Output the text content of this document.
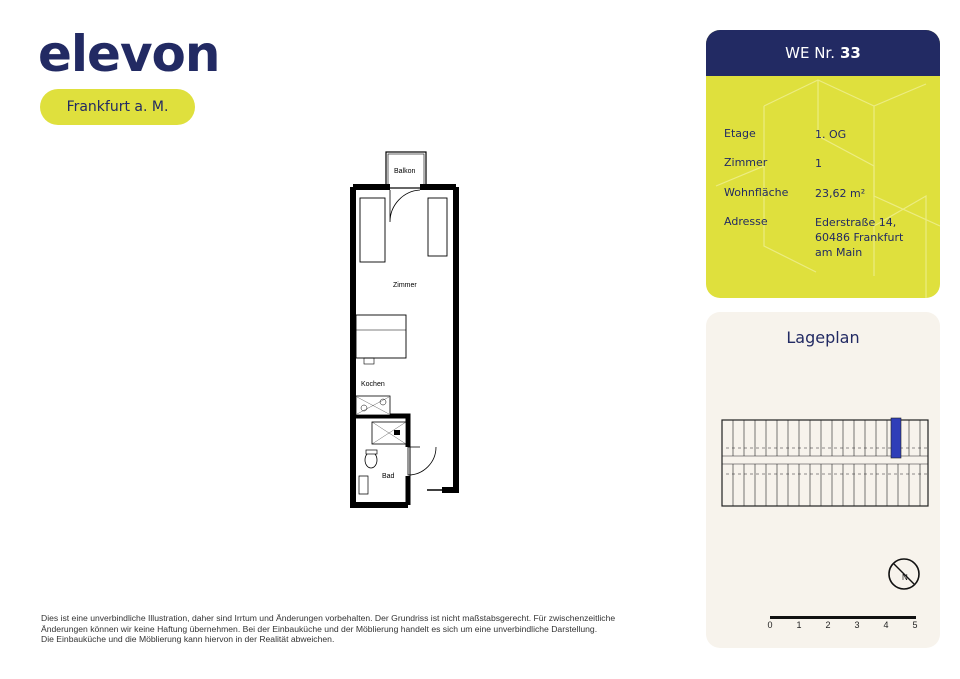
elevon
Frankfurt a. M.
Balkon
Zimmer
Kochen
Bad
Dies ist eine unverbindliche Illustration, daher sind Irrtum und Änderungen vorbehalten. Der Grundriss ist nicht maßstabsgerecht. Für zwischenzeitliche
Änderungen können wir keine Haftung übernehmen. Bei der Einbauküche und der Möblierung handelt es sich um eine unverbindliche Darstellung.
Die Einbauküche und die Möblierung kann hiervon in der Realität abweichen.
WE Nr. 33
Etage	1. OG
Zimmer	1
Wohnfläche	23,62 m²
Adresse	Ederstraße 14,
60486 Frankfurt
am Main
Lageplan
N
0	1	2	3	4	5
